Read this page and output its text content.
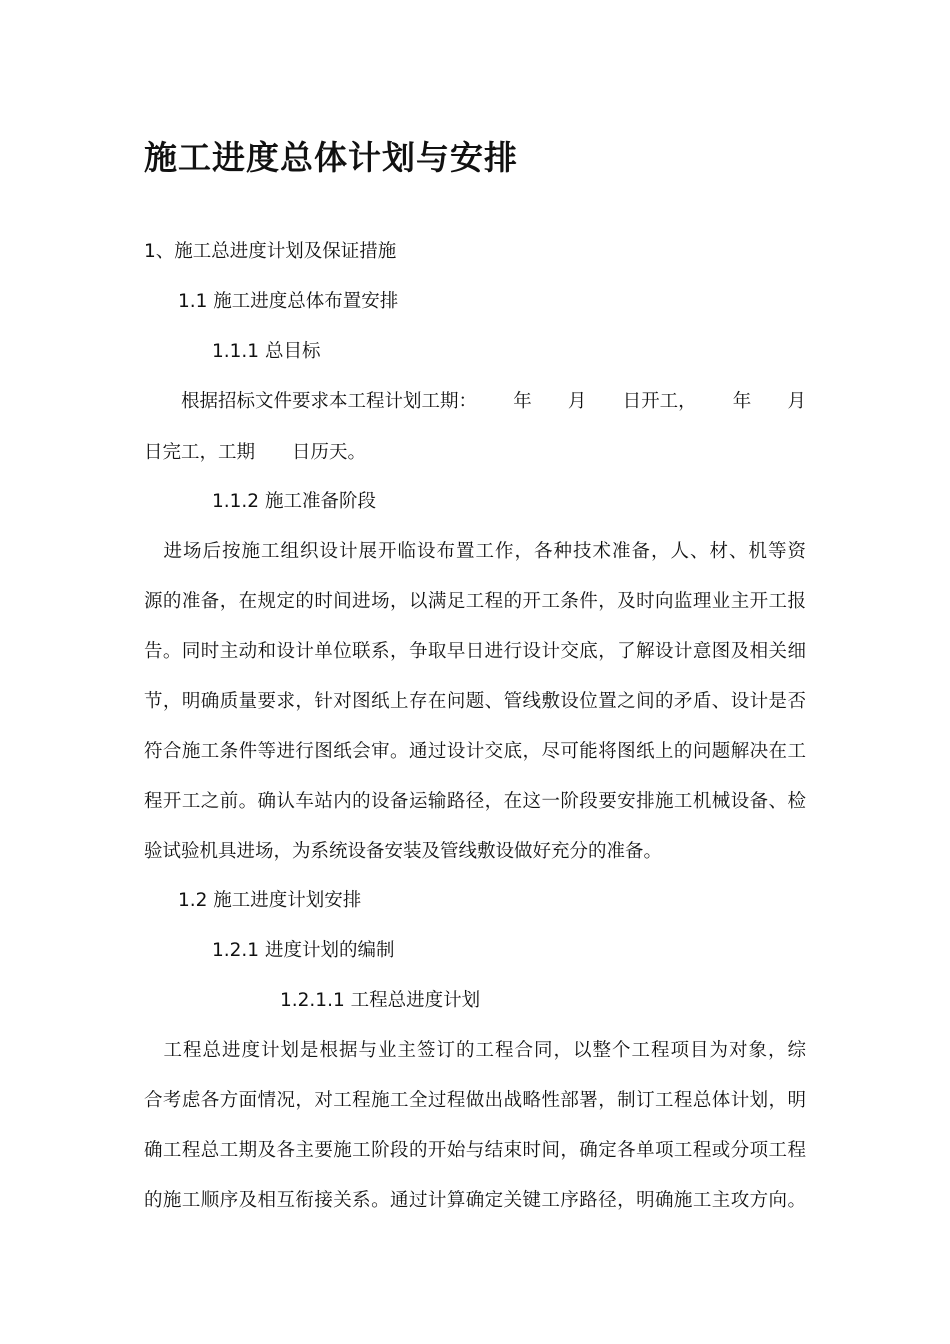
施工进度总体计划与安排
1、施工总进度计划及保证措施
1.1 施工进度总体布置安排
1.1.1 总目标
根据招标文件要求本工程计划工期： 年 月 日开工， 年 月
日完工，工期　　日历天。
1.1.2 施工准备阶段
　进场后按施工组织设计展开临设布置工作，各种技术准备，人、材、机等资
源的准备，在规定的时间进场，以满足工程的开工条件，及时向监理业主开工报
告。同时主动和设计单位联系，争取早日进行设计交底，了解设计意图及相关细
节，明确质量要求，针对图纸上存在问题、管线敷设位置之间的矛盾、设计是否
符合施工条件等进行图纸会审。通过设计交底，尽可能将图纸上的问题解决在工
程开工之前。确认车站内的设备运输路径，在这一阶段要安排施工机械设备、检
验试验机具进场，为系统设备安装及管线敷设做好充分的准备。
1.2 施工进度计划安排
1.2.1 进度计划的编制
1.2.1.1 工程总进度计划
　工程总进度计划是根据与业主签订的工程合同，以整个工程项目为对象，综
合考虑各方面情况，对工程施工全过程做出战略性部署，制订工程总体计划，明
确工程总工期及各主要施工阶段的开始与结束时间，确定各单项工程或分项工程
的施工顺序及相互衔接关系。通过计算确定关键工序路径，明确施工主攻方向。
